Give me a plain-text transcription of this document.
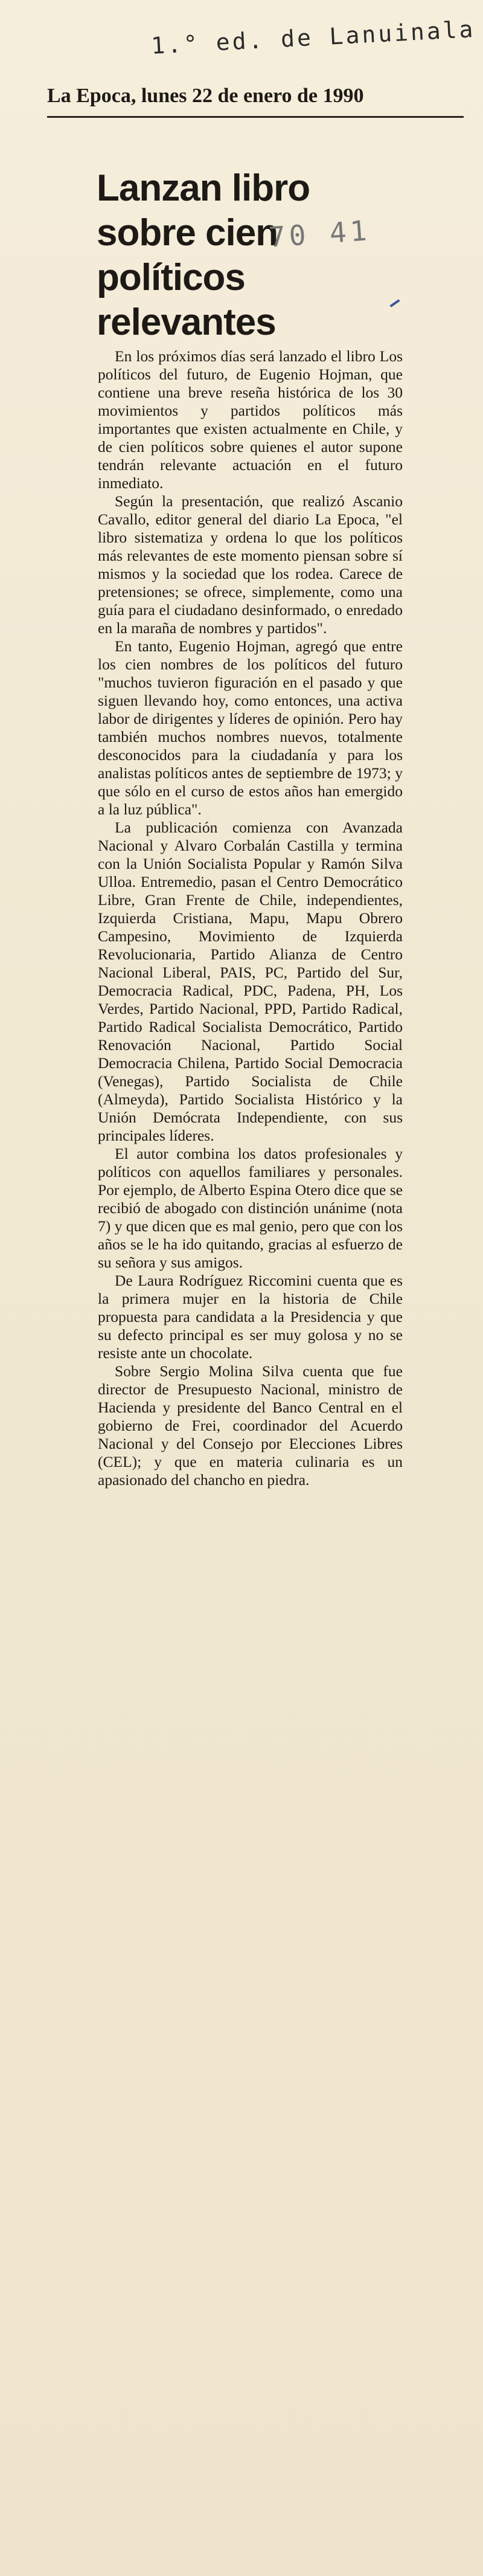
1.° ed. de Lanuinala
La Epoca, lunes 22 de enero de 1990
Lanzan libro
sobre cien
políticos
relevantes
70 41

En los próximos días será lanzado el libro Los políticos del futuro, de Eugenio Hojman, que contiene una breve reseña histórica de los 30 movimientos y partidos políticos más importantes que existen actualmente en Chile, y de cien políticos sobre quienes el autor supone tendrán relevante actuación en el futuro inmediato.

Según la presentación, que realizó Ascanio Cavallo, editor general del diario La Epoca, "el libro sistematiza y ordena lo que los políticos más relevantes de este momento piensan sobre sí mismos y la sociedad que los rodea. Carece de pretensiones; se ofrece, simplemente, como una guía para el ciudadano desinformado, o enredado en la maraña de nombres y partidos".

En tanto, Eugenio Hojman, agregó que entre los cien nombres de los políticos del futuro "muchos tuvieron figuración en el pasado y que siguen llevando hoy, como entonces, una activa labor de dirigentes y líderes de opinión. Pero hay también muchos nombres nuevos, totalmente desconocidos para la ciudadanía y para los analistas políticos antes de septiembre de 1973; y que sólo en el curso de estos años han emergido a la luz pública".

La publicación comienza con Avanzada Nacional y Alvaro Corbalán Castilla y termina con la Unión Socialista Popular y Ramón Silva Ulloa. Entremedio, pasan el Centro Democrático Libre, Gran Frente de Chile, independientes, Izquierda Cristiana, Mapu, Mapu Obrero Campesino, Movimiento de Izquierda Revolucionaria, Partido Alianza de Centro Nacional Liberal, PAIS, PC, Partido del Sur, Democracia Radical, PDC, Padena, PH, Los Verdes, Partido Nacional, PPD, Partido Radical, Partido Radical Socialista Democrático, Partido Renovación Nacional, Partido Social Democracia Chilena, Partido Social Democracia (Venegas), Partido Socialista de Chile (Almeyda), Partido Socialista Histórico y la Unión Demócrata Independiente, con sus principales líderes.

El autor combina los datos profesionales y políticos con aquellos familiares y personales. Por ejemplo, de Alberto Espina Otero dice que se recibió de abogado con distinción unánime (nota 7) y que dicen que es mal genio, pero que con los años se le ha ido quitando, gracias al esfuerzo de su señora y sus amigos.

De Laura Rodríguez Riccomini cuenta que es la primera mujer en la historia de Chile propuesta para candidata a la Presidencia y que su defecto principal es ser muy golosa y no se resiste ante un chocolate.

Sobre Sergio Molina Silva cuenta que fue director de Presupuesto Nacional, ministro de Hacienda y presidente del Banco Central en el gobierno de Frei, coordinador del Acuerdo Nacional y del Consejo por Elecciones Libres (CEL); y que en materia culinaria es un apasionado del chancho en piedra.
